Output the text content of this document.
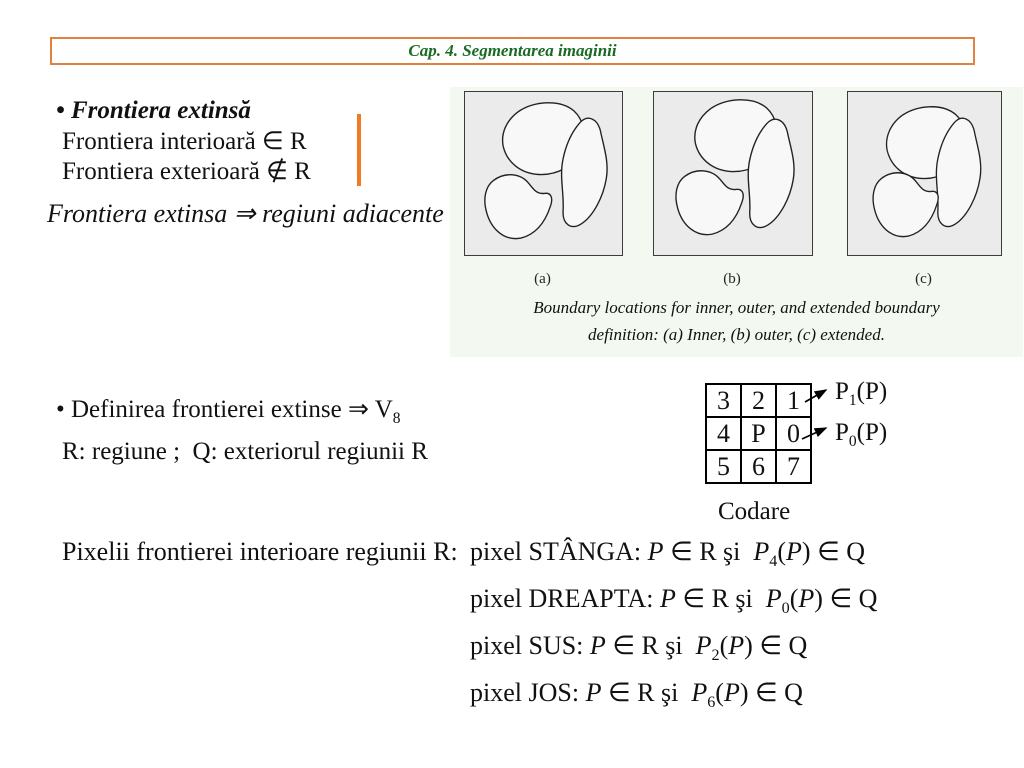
Cap. 4. Segmentarea imaginii
• Frontiera extinsă
Frontiera interioară ∈ R
Frontiera exterioară ∉ R
Frontiera extinsa ⇒ regiuni adiacente
(a)	(b)	(c)
Boundary locations for inner, outer, and extended boundary
definition: (a) Inner, (b) outer, (c) extended.
• Definirea frontierei extinse ⇒ $V_8$
R: regiune ;  Q: exteriorul regiunii R
3	2	1
4	P	0
5	6	7
$P_1(P)$
$P_0(P)$
Codare
Pixelii frontierei interioare regiunii R: pixel STÂNGA: P ∈ R şi  $P_4(P)$ ∈ Q
pixel DREAPTA: P ∈ R şi  $P_0(P)$ ∈ Q
pixel SUS: P ∈ R şi  $P_2(P)$ ∈ Q
pixel JOS: P ∈ R şi  $P_6(P)$ ∈ Q
